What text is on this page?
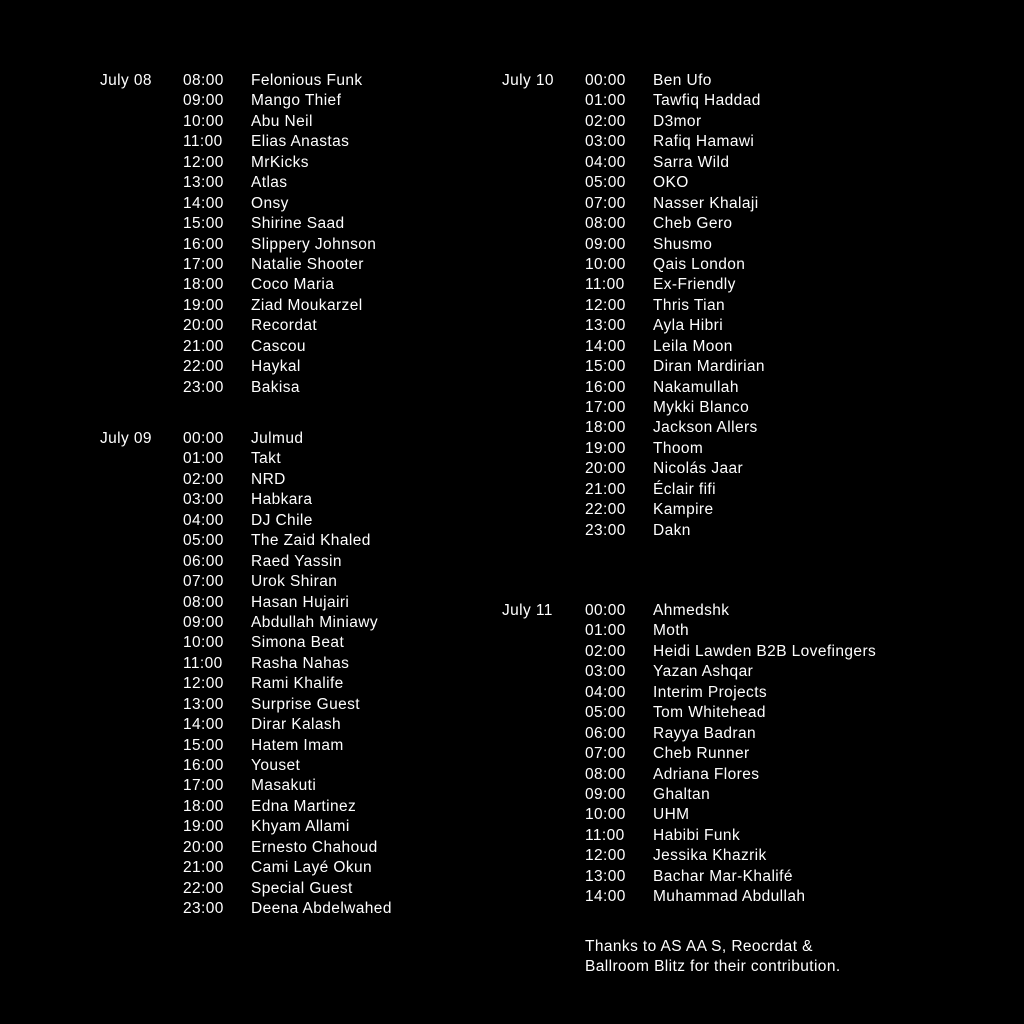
July 08 08:00 Felonious Funk
09:00 Mango Thief
10:00 Abu Neil
11:00 Elias Anastas
12:00 MrKicks
13:00 Atlas
14:00 Onsy
15:00 Shirine Saad
16:00 Slippery Johnson
17:00 Natalie Shooter
18:00 Coco Maria
19:00 Ziad Moukarzel
20:00 Recordat
21:00 Cascou
22:00 Haykal
23:00 Bakisa
July 09 00:00 Julmud
01:00 Takt
02:00 NRD
03:00 Habkara
04:00 DJ Chile
05:00 The Zaid Khaled
06:00 Raed Yassin
07:00 Urok Shiran
08:00 Hasan Hujairi
09:00 Abdullah Miniawy
10:00 Simona Beat
11:00 Rasha Nahas
12:00 Rami Khalife
13:00 Surprise Guest
14:00 Dirar Kalash
15:00 Hatem Imam
16:00 Youset
17:00 Masakuti
18:00 Edna Martinez
19:00 Khyam Allami
20:00 Ernesto Chahoud
21:00 Cami Layé Okun
22:00 Special Guest
23:00 Deena Abdelwahed
July 10 00:00 Ben Ufo
01:00 Tawfiq Haddad
02:00 D3mor
03:00 Rafiq Hamawi
04:00 Sarra Wild
05:00 OKO
07:00 Nasser Khalaji
08:00 Cheb Gero
09:00 Shusmo
10:00 Qais London
11:00 Ex-Friendly
12:00 Thris Tian
13:00 Ayla Hibri
14:00 Leila Moon
15:00 Diran Mardirian
16:00 Nakamullah
17:00 Mykki Blanco
18:00 Jackson Allers
19:00 Thoom
20:00 Nicolás Jaar
21:00 Éclair fifi
22:00 Kampire
23:00 Dakn
July 11 00:00 Ahmedshk
01:00 Moth
02:00 Heidi Lawden B2B Lovefingers
03:00 Yazan Ashqar
04:00 Interim Projects
05:00 Tom Whitehead
06:00 Rayya Badran
07:00 Cheb Runner
08:00 Adriana Flores
09:00 Ghaltan
10:00 UHM
11:00 Habibi Funk
12:00 Jessika Khazrik
13:00 Bachar Mar-Khalifé
14:00 Muhammad Abdullah
Thanks to AS AA S, Reocrdat &
Ballroom Blitz for their contribution.
